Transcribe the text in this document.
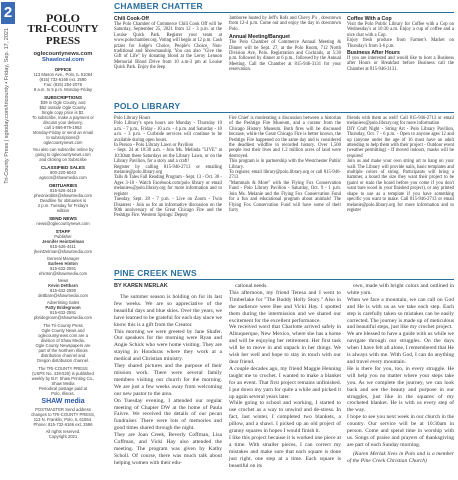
2
Tri-County Press | sgtoday.com/tricounty • Friday, Sep. 17, 2021
POLO
TRI-COUNTY
PRESS
oglecountynews.com
Shawlocal.com
OFFICE
113 Mason Ave., Polo, IL 61064
(815) 732-6166 ext. 2590
Fax: (815) 284-2078
8 a.m. to 5 p.m. Monday-Friday
SUBSCRIPTIONS
$39 in Ogle County, and
$52 outside Ogle County.
Single copy price is $2.
To subscribe, make a payment or
discuss your delivery,
call 1-866-979-1953
Monday-Friday or send an email
to subscriptions@
oglecountynews.com
You also can subscribe online by
going to oglecountynews.com
and clicking on Subscribe
CLASSIFIED SALES
800-220-6042
agsccs@shawmedia.com
OBITUARIES
815-526-4418
pheonixobits@shawmedia.com
Deadline for obituaries is
2 p.m. Tuesday for Friday's
edition
SEND NEWS
news@oglecountynews.com
STAFF
Publisher
Jennifer Heintzelman
815-526-4411
jheintzelman@shawmedia.com
General Manager
Earleen Hinton
815-632-2591
ehinton@shawmedia.com
News
Kevin Dettbarn
815-632-2590
dettbarn@shawmedia.com
Advertising Sales
Patty Bridegroom
815-632-2591
pbridegroom@shawmedia.com
The Tri-County Press
Ogle County News and
oglecountynews.com are a
division of Shaw Media.
Ogle County Newspapers are
part of the Northern Illinois
distribution channel and
Oregon distribution channel.
The TRI-COUNTY PRESS
(USPS No. 438-520) is published
weekly by B.F. Shaw Printing Co.,
Shaw Media
Periodical postage paid at
Polo, Illinois.
SHAW media
POSTMASTER Send address
changes to TRI-COUNTY PRESS,
113 N. Franklin, Polo, IL 61064.
Phone: 815-732-6166 ext. 2596
All rights reserved.
Copyright 2021
CHAMBER CHATTER
Chili Cook-Off
The Polo Chamber of Commerce Chili Cook Off will be Saturday, September 25, 2021 from 12 - 3 p.m. at the Louise Quick Park. Register your team at www.polochamber.org. Voting will begin at 12 p.m. Cash prizes for Judge's Choice, People's Choice, Non-traditional and Showmanship. You can also "Give the Gift of Life" by donating blood at the Leroy Lennon Memorial Blood Drive from 10 a.m-3 pm at Louise Quick Park. Enjoy the Jeep
Jamboree hosted by Jeff's Rofs and Chevy P's , downtown from 12-4 p.m. Come out and enjoy the day in downtown Polo.
Annual Meeting/Banquet
The Polo Chamber of Commerce Annual Meeting & Dinner will be Sept. 27, at the Polo Room, 712 North Division Ave, Polo. Registration and Cocktails, at 5:30 p.m. followed by dinner at 6 p.m., followed by the Annual Meeting. Call the Chamber at 815-946-3131 for your reservation.
Coffee With a Cop
Visit the Polo Public Library for Coffee with a Cop on Wednesday's at 10:30 a.m. Enjoy a cup of coffee and a nice chat with a Cop.
Enjoy fresh produce from Farmer's Market on Thursday's from 3-6 p.m.
Business After Hours
If you are interested and would like to host a Business after Hours or Breakfast before Business call the Chamber at 815-946-3131.
POLO LIBRARY
Polo Library Hours
Polo Library's open hours are Monday - Thursday 10 a.m. - 7 p.m., Friday - 10 a.m. - 4 p.m. and Saturday - 10 a.m. - 3 p.m. - Curbside services will continue to be available during open hours.
In Person - Polo Library Lawn or Pavilion
- Sept. 24 at 10:30 a.m. - Join Ms. Melinda "LIVE" at 10:30am these Saturdays on the Library Lawn, or on the Library Pavilion, for a story and a craft!
Register by calling 815-946-2713 or emailing melanie@polo.library.org
Talls & Tales Fall Reading Program - Sept. 13 - Oct. 30 - Ages 3-18 - Watch Facebook.com/polo library or email melaniew@polo.library.org for more information and to register
Tuesday, Sept. 28 - 7 p.m. - Live on Zoom - Twin Disasters - Join us for an informative discussion on the 90th anniversary of the Great Chicago Fire and the Peshtigo Fire. Western Springs: Deputy
Fire Chief is moderating a discussion between a historian of the Peshtigo Fire Museum, and a curator from the Chicago History Museum. Both fires will be discussed because, while the Great Chicago Fire is better known, the Peshtigo Fire happened on the same day and is considered the deadliest wildfire in recorded history. Over 1,500 people lost their lives and 1.2 million acres of land were destroyed.
This program is in partnership with the Westchester Public Library.
To register, email library@polo.library.org or call 815-946-2713
"Mammals & More" with the Flying Fox Conservation Fund - Polo Library Pavilion - Saturday, Oct. 9 - 1 p.m. Join Ms. Melanie and the Flying Fox Conservation Fund for a fun and educational program about animals! The Flying Fox Conservation Fund will have some of their furry
friends with them as well! Call 815-946-2713 or email melaniew@polo.library.org for more information
DIY Craft Night - String Art - Polo Library Pavilion, Thursday, Oct. 7 - 6 p.m. - Open to anyone ages 12 and up (anyone under the age of 16 must have an adult attending to help them with their project - Outdoor event (weather permitting) - If moved indoors, masks will be required
Join us and make your own string art to hang on your wall. The Library will provide nails, basic templates and multiple colors of string. Participants will bring a hammer, a board the size they want their project to be (paint or stain the board before you come if you don't want bare wood in your finished project), or any printed shape to use as a template if you have something specific you want to make. Call 815-946-2713 or email melanie@polo.library.org for more information and to register
PINE CREEK NEWS
BY KAREN MERLAK
The summer season is holding on for its last few weeks. We are so appreciative of the beautiful days and blue skies. Over the years, we have learned to be grateful for each day since we know this is a gift from the Creator.
This morning we were greeted by Jane Shafer. Our speakers for the morning were Ryan and Angie Schick who were home visiting. They are staying in Honduras where they work at a medical and Christian ministry.
They shared pictures and the purpose of their mission work. There were several family members visiting our church for the morning. We are just a few weeks away from welcoming our new pastor to the area.
On Tuesday evening, I attended our regular meeting of Chapter DW at the home of Paula Faivre. We received the details of our pecan fundraiser. There were lots of memories and good times shared through the night.
They are Joan Creek, Beverly Coffman, Lisa Coffman, and Vicki Hay also attended the meeting. The program was given by Kathy Scholl. Of course, there was much talk about helping women with their edu-
cational needs.
This afternoon, my friend Teresa and I went to Timberlake for "The Buddy Holly Story." Also in the audience were Bee and Vicki Hay. I spotted them during the intermission and we shared our excitement for the excellent performance.
We received word that Charlotte arrived safely in Albuquerque, New Mexico, where she has a home and will be enjoying her retirement. Her first task will be to move in and unpack in her things. We wish her well and hope to stay in touch with our dear friend.
A couple decades ago, my friend Maggie Henning taught me to crochet. I wanted to make a blanket for an event. That first project remains unfinished. I put down my yarn for quite a while and picked it up again several years later.
While going to school and working, I started to use crochet as a way to unwind and de-stress. In fact, last winter, I completed two blankets, a pillow, and a shawl. I picked up an old project of granny squares in hopes I would finish it.
I like this project because it is worked one piece at a time. With smaller pieces, I can correct my mistakes and make sure that each square is done just right, one step at a time. Each square is beautiful on its
own, made with bright colors and outlined in white yarn.
When we face a mountain, we can call on God and He is with us as we take each step. Each step is carefully taken so mistakes can be easily corrected. The journey is made up of meticulous and beautiful steps, just like my crochet project.
We are blessed to have a guide with us while we navigate through our struggles. On the days when I have felt all alone, I remembered that He is always with me. With God, I can do anything and travel every mountain.
He is there for you, too, in every struggle. He will help you no matter where your steps take you. As we complete the journey, we can look back and see the beauty and purpose in our struggles, just like in the squares of my crocheted blanket. He is with us every step of the way.
I hope to see you next week in our church in the country. Our service will be at 10:30am in person. Come and spend time in worship with us. Songs of praise and prayers of thanksgiving are part of each Sunday morning.
(Karen Merlak lives in Polo and is a member of the Pine Creek Christian Church)
